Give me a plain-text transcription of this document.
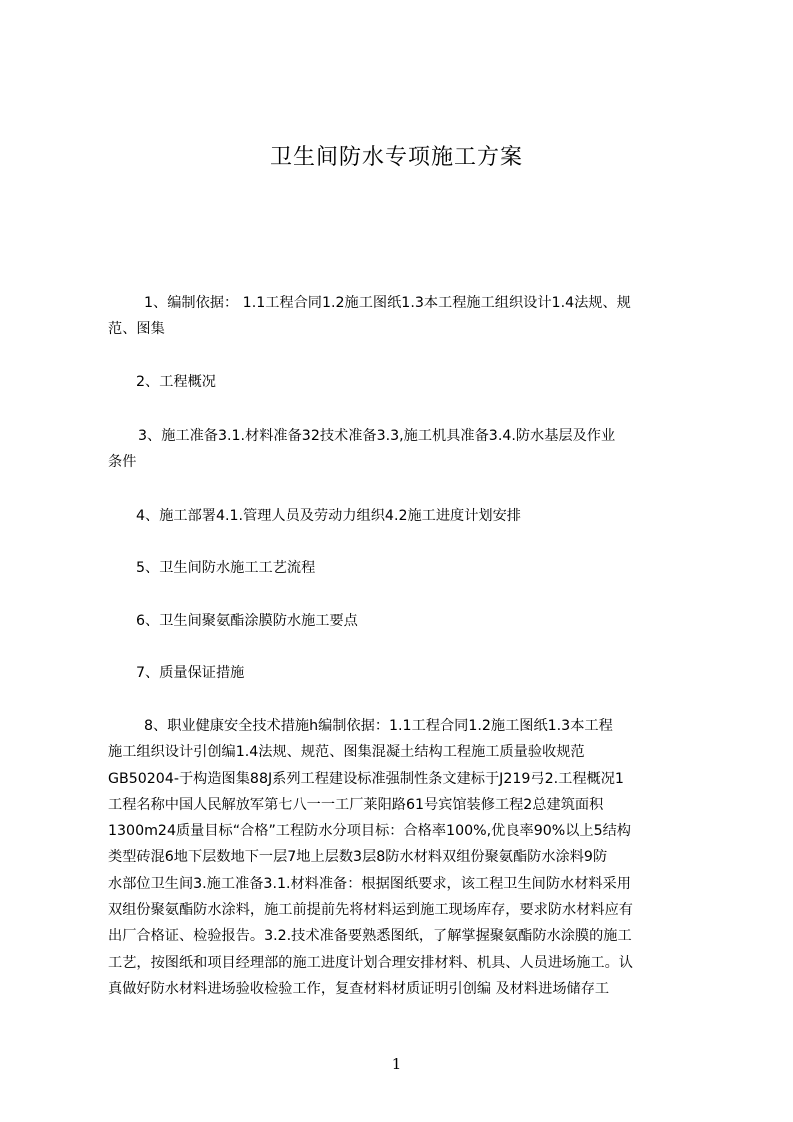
卫生间防水专项施工方案

1、编制依据： 1.1工程合同1.2施工图纸1.3本工程施工组织设计1.4法规、规
范、图集

2、工程概况

3、施工准备3.1.材料准备32技术准备3.3,施工机具准备3.4.防水基层及作业
条件

4、施工部署4.1.管理人员及劳动力组织4.2施工进度计划安排

5、卫生间防水施工工艺流程

6、卫生间聚氨酯涂膜防水施工要点

7、质量保证措施

8、职业健康安全技术措施h编制依据：1.1工程合同1.2施工图纸1.3本工程
施工组织设计引创编1.4法规、规范、图集混凝土结构工程施工质量验收规范
GB50204-于构造图集88J系列工程建设标准强制性条文建标于J219弓2.工程概况1
工程名称中国人民解放军第七八一一工厂莱阳路61号宾馆装修工程2总建筑面积
1300m24质量目标“合格”工程防水分项目标：合格率100%,优良率90%以上5结构
类型砖混6地下层数地下一层7地上层数3层8防水材料双组份聚氨酯防水涂料9防
水部位卫生间3.施工准备3.1.材料准备：根据图纸要求，该工程卫生间防水材料采用
双组份聚氨酯防水涂料，施工前提前先将材料运到施工现场库存，要求防水材料应有
出厂合格证、检验报告。3.2.技术准备要熟悉图纸，了解掌握聚氨酯防水涂膜的施工
工艺，按图纸和项目经理部的施工进度计划合理安排材料、机具、人员进场施工。认
真做好防水材料进场验收检验工作，复查材料材质证明引创编 及材料进场储存工

1
